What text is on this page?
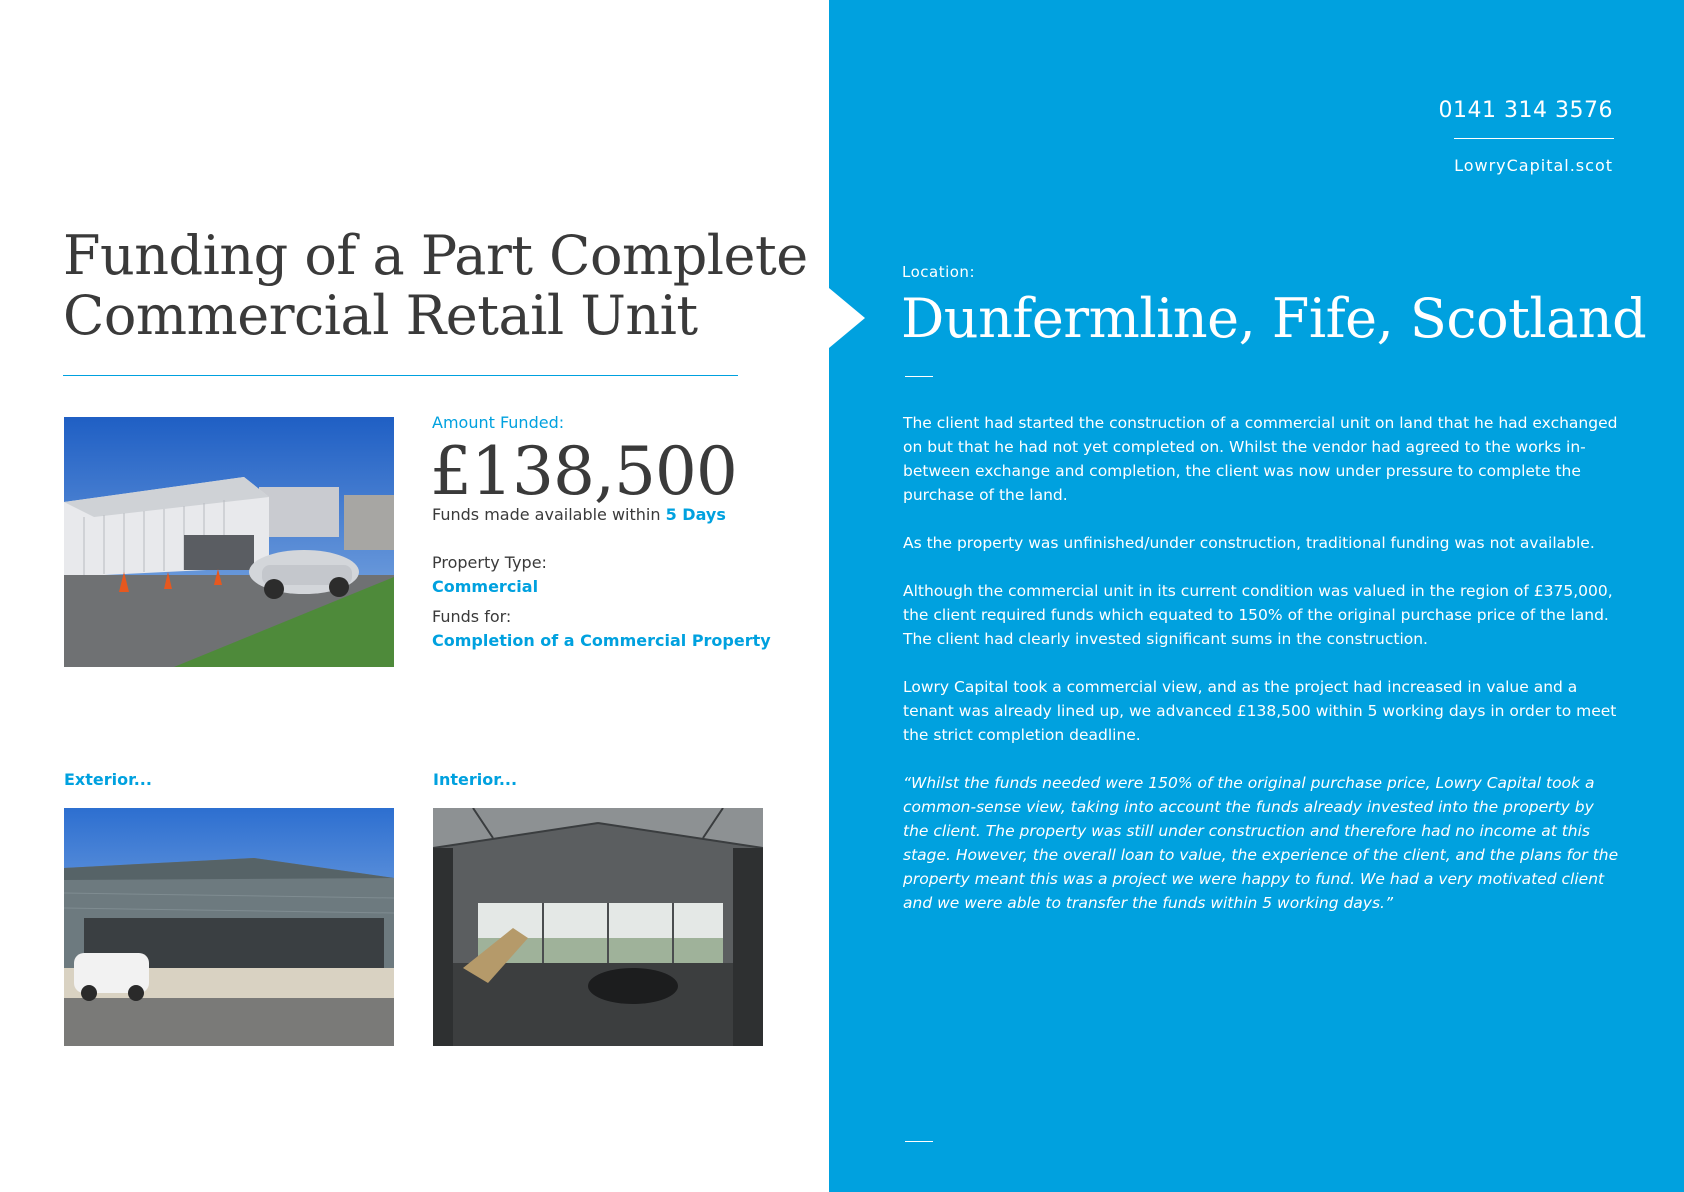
Funding of a Part Complete
Commercial Retail Unit
Amount Funded:
£138,500
Funds made available within 5 Days
Property Type:
Commercial
Funds for:
Completion of a Commercial Property
Exterior...	Interior...
0141 314 3576
LowryCapital.scot
Location:
Dunfermline, Fife, Scotland

The client had started the construction of a commercial unit on land that he had exchanged on but that he had not yet completed on. Whilst the vendor had agreed to the works in-between exchange and completion, the client was now under pressure to complete the purchase of the land.

As the property was unfinished/under construction, traditional funding was not available.

Although the commercial unit in its current condition was valued in the region of £375,000, the client required funds which equated to 150% of the original purchase price of the land. The client had clearly invested significant sums in the construction.

Lowry Capital took a commercial view, and as the project had increased in value and a tenant was already lined up, we advanced £138,500 within 5 working days in order to meet the strict completion deadline.

“Whilst the funds needed were 150% of the original purchase price, Lowry Capital took a common-sense view, taking into account the funds already invested into the property by the client. The property was still under construction and therefore had no income at this stage. However, the overall loan to value, the experience of the client, and the plans for the property meant this was a project we were happy to fund. We had a very motivated client and we were able to transfer the funds within 5 working days.”
